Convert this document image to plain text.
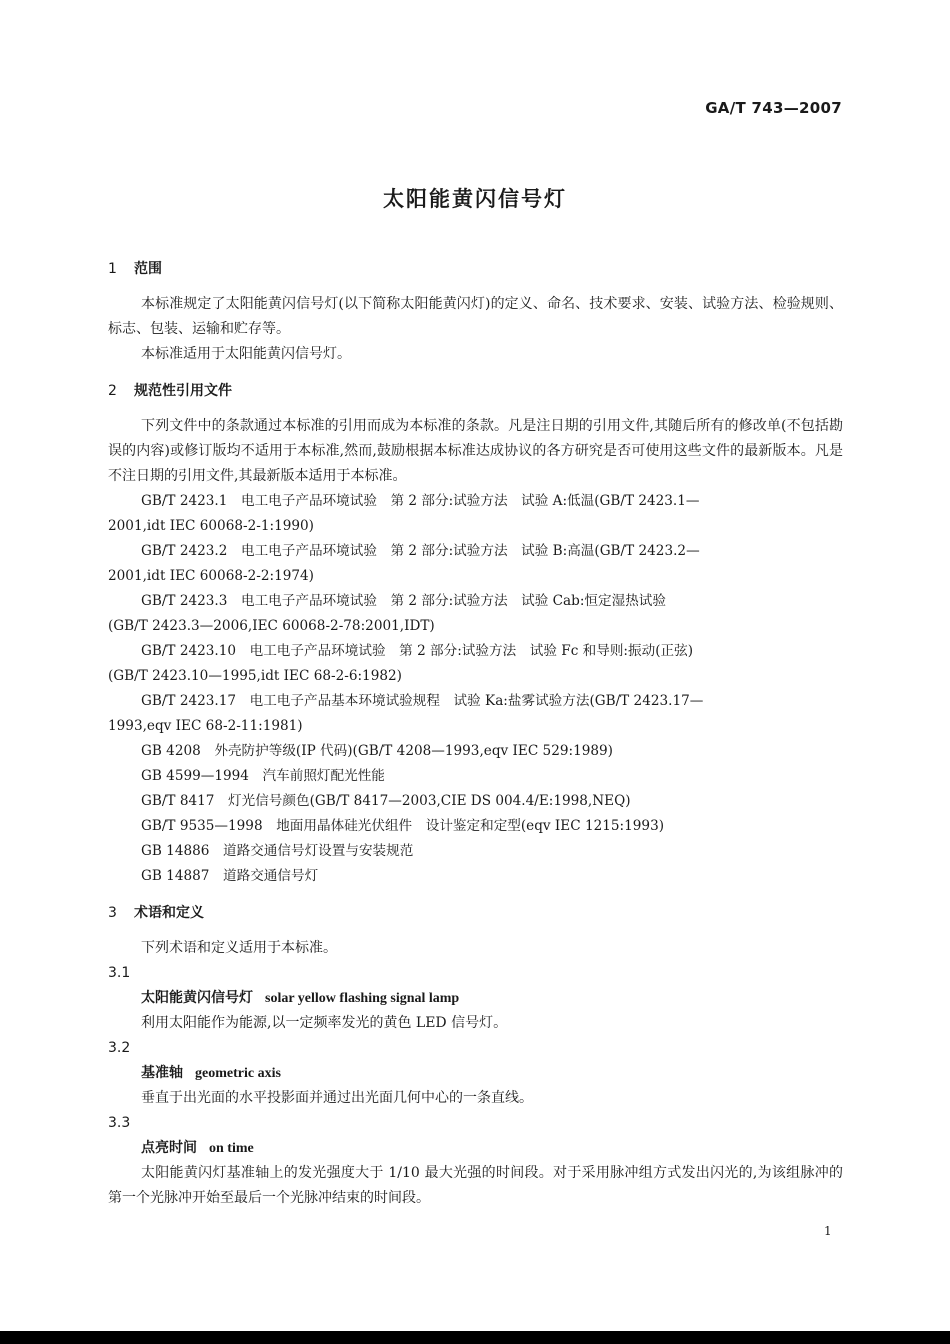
GA/T 743—2007
太阳能黄闪信号灯
1 范围

本标准规定了太阳能黄闪信号灯(以下简称太阳能黄闪灯)的定义、命名、技术要求、安装、试验方法、检验规则、标志、包装、运输和贮存等。

本标准适用于太阳能黄闪信号灯。

2 规范性引用文件

下列文件中的条款通过本标准的引用而成为本标准的条款。凡是注日期的引用文件,其随后所有的修改单(不包括勘误的内容)或修订版均不适用于本标准,然而,鼓励根据本标准达成协议的各方研究是否可使用这些文件的最新版本。凡是不注日期的引用文件,其最新版本适用于本标准。

GB/T 2423.1　电工电子产品环境试验　第 2 部分:试验方法　试验 A:低温(GB/T 2423.1—
2001,idt IEC 60068-2-1:1990)
GB/T 2423.2　电工电子产品环境试验　第 2 部分:试验方法　试验 B:高温(GB/T 2423.2—
2001,idt IEC 60068-2-2:1974)
GB/T 2423.3　电工电子产品环境试验　第 2 部分:试验方法　试验 Cab:恒定湿热试验
(GB/T 2423.3—2006,IEC 60068-2-78:2001,IDT)
GB/T 2423.10　电工电子产品环境试验　第 2 部分:试验方法　试验 Fc 和导则:振动(正弦)
(GB/T 2423.10—1995,idt IEC 68-2-6:1982)
GB/T 2423.17　电工电子产品基本环境试验规程　试验 Ka:盐雾试验方法(GB/T 2423.17—
1993,eqv IEC 68-2-11:1981)
GB 4208　外壳防护等级(IP 代码)(GB/T 4208—1993,eqv IEC 529:1989)
GB 4599—1994　汽车前照灯配光性能
GB/T 8417　灯光信号颜色(GB/T 8417—2003,CIE DS 004.4/E:1998,NEQ)
GB/T 9535—1998　地面用晶体硅光伏组件　设计鉴定和定型(eqv IEC 1215:1993)
GB 14886　道路交通信号灯设置与安装规范
GB 14887　道路交通信号灯
3 术语和定义

下列术语和定义适用于本标准。

3.1
太阳能黄闪信号灯 solar yellow flashing signal lamp

利用太阳能作为能源,以一定频率发光的黄色 LED 信号灯。

3.2
基准轴 geometric axis

垂直于出光面的水平投影面并通过出光面几何中心的一条直线。

3.3
点亮时间 on time

太阳能黄闪灯基准轴上的发光强度大于 1/10 最大光强的时间段。对于采用脉冲组方式发出闪光的,为该组脉冲的第一个光脉冲开始至最后一个光脉冲结束的时间段。

1
